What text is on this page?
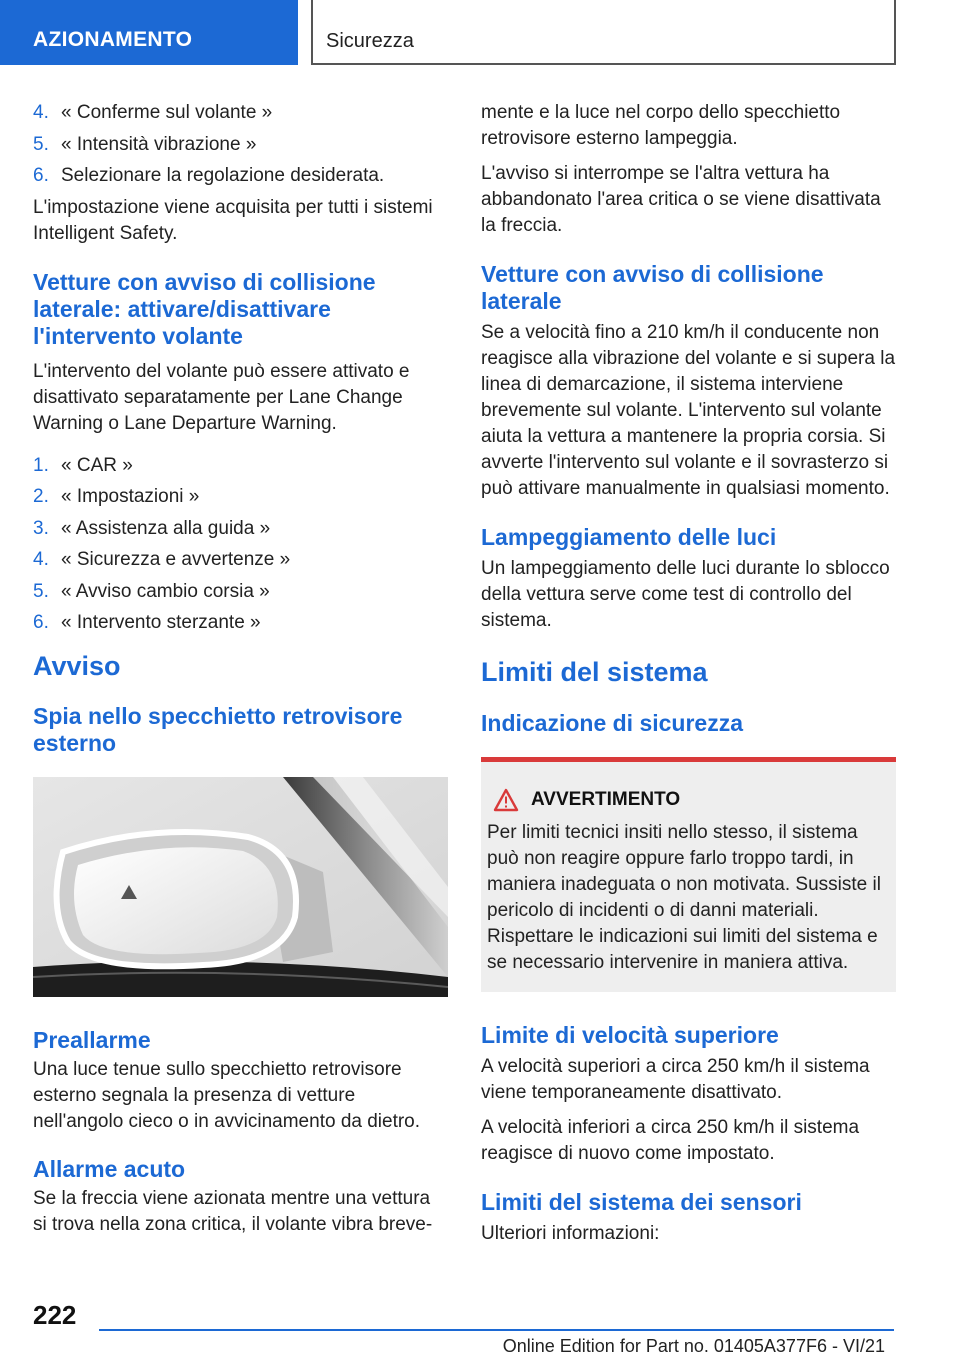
AZIONAMENTO	Sicurezza
4. « Conferme sul volante »
5. « Intensità vibrazione »
6. Selezionare la regolazione desiderata.

L'impostazione viene acquisita per tutti i sistemi Intelligent Safety.

Vetture con avviso di collisione laterale: attivare/disattivare l'intervento volante

L'intervento del volante può essere attivato e disattivato separatamente per Lane Change Warning o Lane Departure Warning.

1. « CAR »
2. « Impostazioni »
3. « Assistenza alla guida »
4. « Sicurezza e avvertenze »
5. « Avviso cambio corsia »
6. « Intervento sterzante »
Avviso
Spia nello specchietto retrovisore esterno
Preallarme

Una luce tenue sullo specchietto retrovisore esterno segnala la presenza di vetture nell'angolo cieco o in avvicinamento da dietro.

Allarme acuto

Se la freccia viene azionata mentre una vettura si trova nella zona critica, il volante vibra breve-

mente e la luce nel corpo dello specchietto retrovisore esterno lampeggia.

L'avviso si interrompe se l'altra vettura ha abbandonato l'area critica o se viene disattivata la freccia.

Vetture con avviso di collisione laterale

Se a velocità fino a 210 km/h il conducente non reagisce alla vibrazione del volante e si supera la linea di demarcazione, il sistema interviene brevemente sul volante. L'intervento sul volante aiuta la vettura a mantenere la propria corsia. Si avverte l'intervento sul volante e il sovrasterzo si può attivare manualmente in qualsiasi momento.

Lampeggiamento delle luci

Un lampeggiamento delle luci durante lo sblocco della vettura serve come test di controllo del sistema.

Limiti del sistema
Indicazione di sicurezza
AVVERTIMENTO

Per limiti tecnici insiti nello stesso, il sistema può non reagire oppure farlo troppo tardi, in maniera inadeguata o non motivata. Sussiste il pericolo di incidenti o di danni materiali. Rispettare le indicazioni sui limiti del sistema e se necessario intervenire in maniera attiva.

Limite di velocità superiore

A velocità superiori a circa 250 km/h il sistema viene temporaneamente disattivato.

A velocità inferiori a circa 250 km/h il sistema reagisce di nuovo come impostato.

Limiti del sistema dei sensori

Ulteriori informazioni:

222
Online Edition for Part no. 01405A377F6 - VI/21
